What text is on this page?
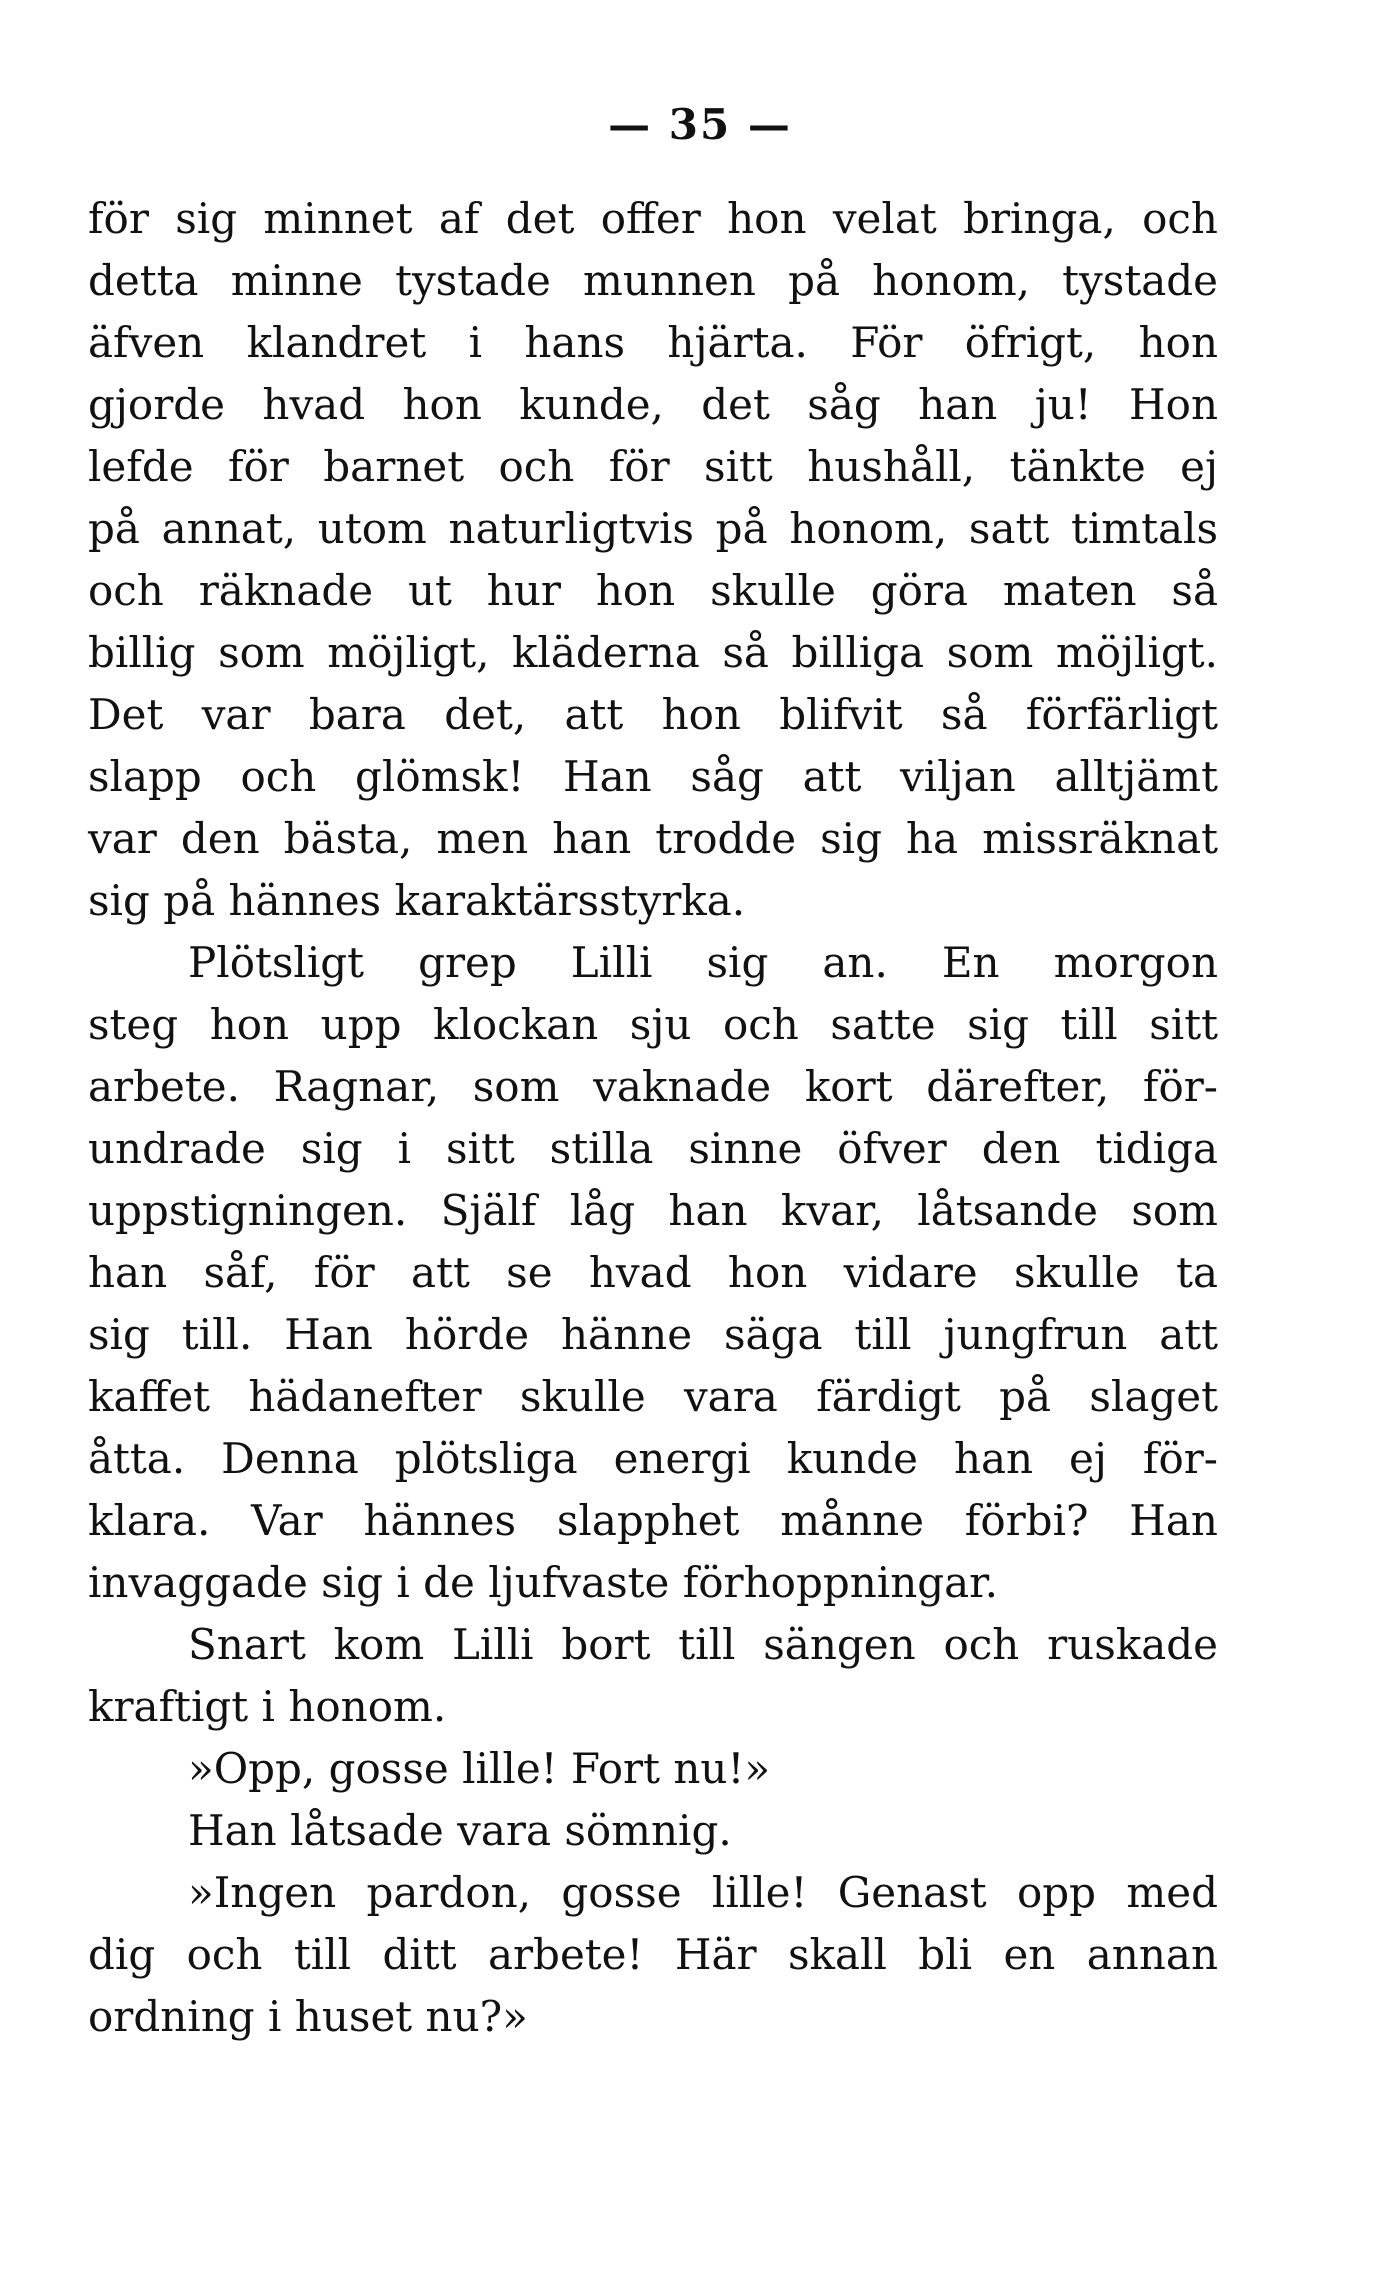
— 35 —
för sig minnet af det offer hon velat bringa, och
detta minne tystade munnen på honom, tystade
äfven klandret i hans hjärta. För öfrigt, hon
gjorde hvad hon kunde, det såg han ju! Hon
lefde för barnet och för sitt hushåll, tänkte ej
på annat, utom naturligtvis på honom, satt timtals
och räknade ut hur hon skulle göra maten så
billig som möjligt, kläderna så billiga som möjligt.
Det var bara det, att hon blifvit så förfärligt
slapp och glömsk! Han såg att viljan alltjämt
var den bästa, men han trodde sig ha missräknat
sig på hännes karaktärsstyrka.
Plötsligt grep Lilli sig an. En morgon
steg hon upp klockan sju och satte sig till sitt
arbete. Ragnar, som vaknade kort därefter, för-
undrade sig i sitt stilla sinne öfver den tidiga
uppstigningen. Själf låg han kvar, låtsande som
han såf, för att se hvad hon vidare skulle ta
sig till. Han hörde hänne säga till jungfrun att
kaffet hädanefter skulle vara färdigt på slaget
åtta. Denna plötsliga energi kunde han ej för-
klara. Var hännes slapphet månne förbi? Han
invaggade sig i de ljufvaste förhoppningar.
Snart kom Lilli bort till sängen och ruskade
kraftigt i honom.
»Opp, gosse lille! Fort nu!»
Han låtsade vara sömnig.
»Ingen pardon, gosse lille! Genast opp med
dig och till ditt arbete! Här skall bli en annan
ordning i huset nu?»
